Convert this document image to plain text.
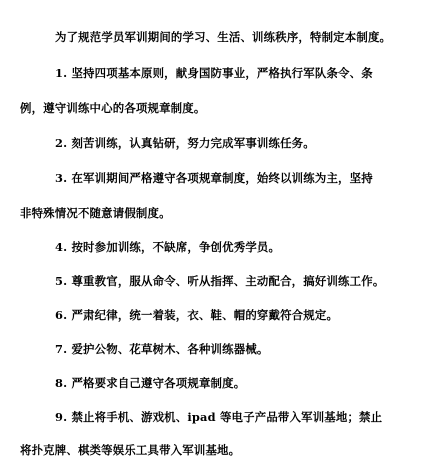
为了规范学员军训期间的学习、生活、训练秩序，特制定本制度。
1. 坚持四项基本原则，献身国防事业，严格执行军队条令、条
例，遵守训练中心的各项规章制度。
2. 刻苦训练，认真钻研，努力完成军事训练任务。
3. 在军训期间严格遵守各项规章制度，始终以训练为主，坚持
非特殊情况不随意请假制度。
4. 按时参加训练，不缺席，争创优秀学员。
5. 尊重教官，服从命令、听从指挥、主动配合，搞好训练工作。
6. 严肃纪律，统一着装，衣、鞋、帽的穿戴符合规定。
7. 爱护公物、花草树木、各种训练器械。
8. 严格要求自己遵守各项规章制度。
9. 禁止将手机、游戏机、ipad 等电子产品带入军训基地；禁止
将扑克牌、棋类等娱乐工具带入军训基地。
